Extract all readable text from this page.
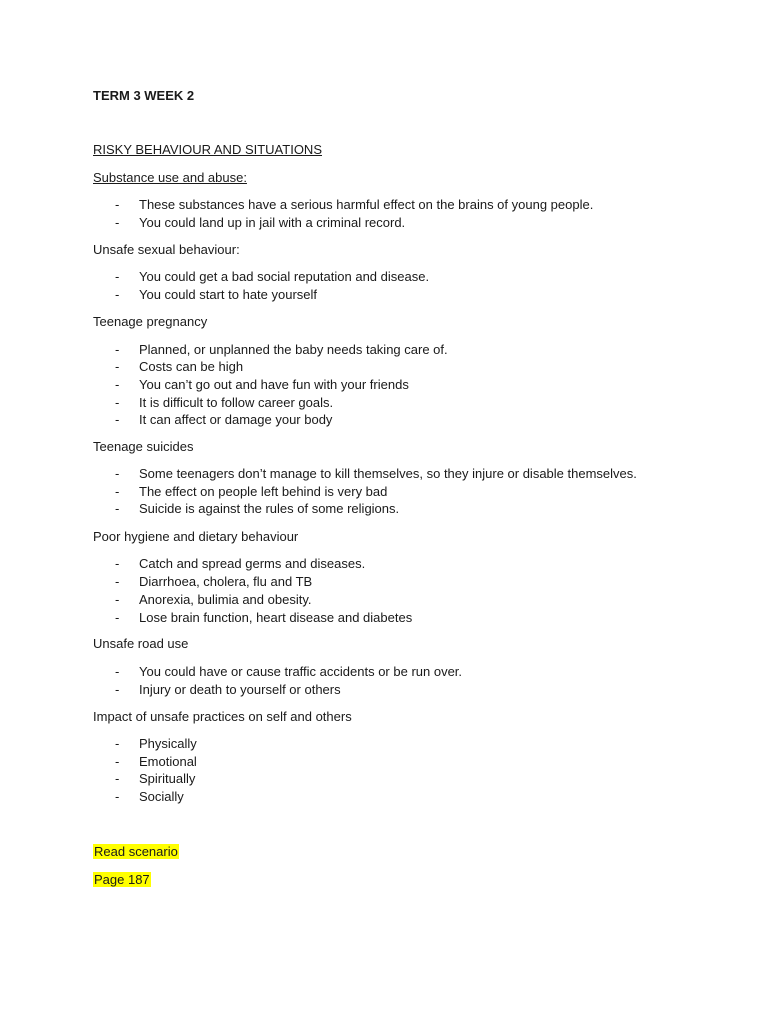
TERM 3 WEEK 2
RISKY BEHAVIOUR AND SITUATIONS
Substance use and abuse:
- These substances have a serious harmful effect on the brains of young people.
- You could land up in jail with a criminal record.
Unsafe sexual behaviour:
- You could get a bad social reputation and disease.
- You could start to hate yourself
Teenage pregnancy
- Planned, or unplanned the baby needs taking care of.
- Costs can be high
- You can’t go out and have fun with your friends
- It is difficult to follow career goals.
- It can affect or damage your body
Teenage suicides
- Some teenagers don’t manage to kill themselves, so they injure or disable themselves.
- The effect on people left behind is very bad
- Suicide is against the rules of some religions.
Poor hygiene and dietary behaviour
- Catch and spread germs and diseases.
- Diarrhoea, cholera, flu and TB
- Anorexia, bulimia and obesity.
- Lose brain function, heart disease and diabetes
Unsafe road use
- You could have or cause traffic accidents or be run over.
- Injury or death to yourself or others
Impact of unsafe practices on self and others
- Physically
- Emotional
- Spiritually
- Socially
Read scenario
Page 187
